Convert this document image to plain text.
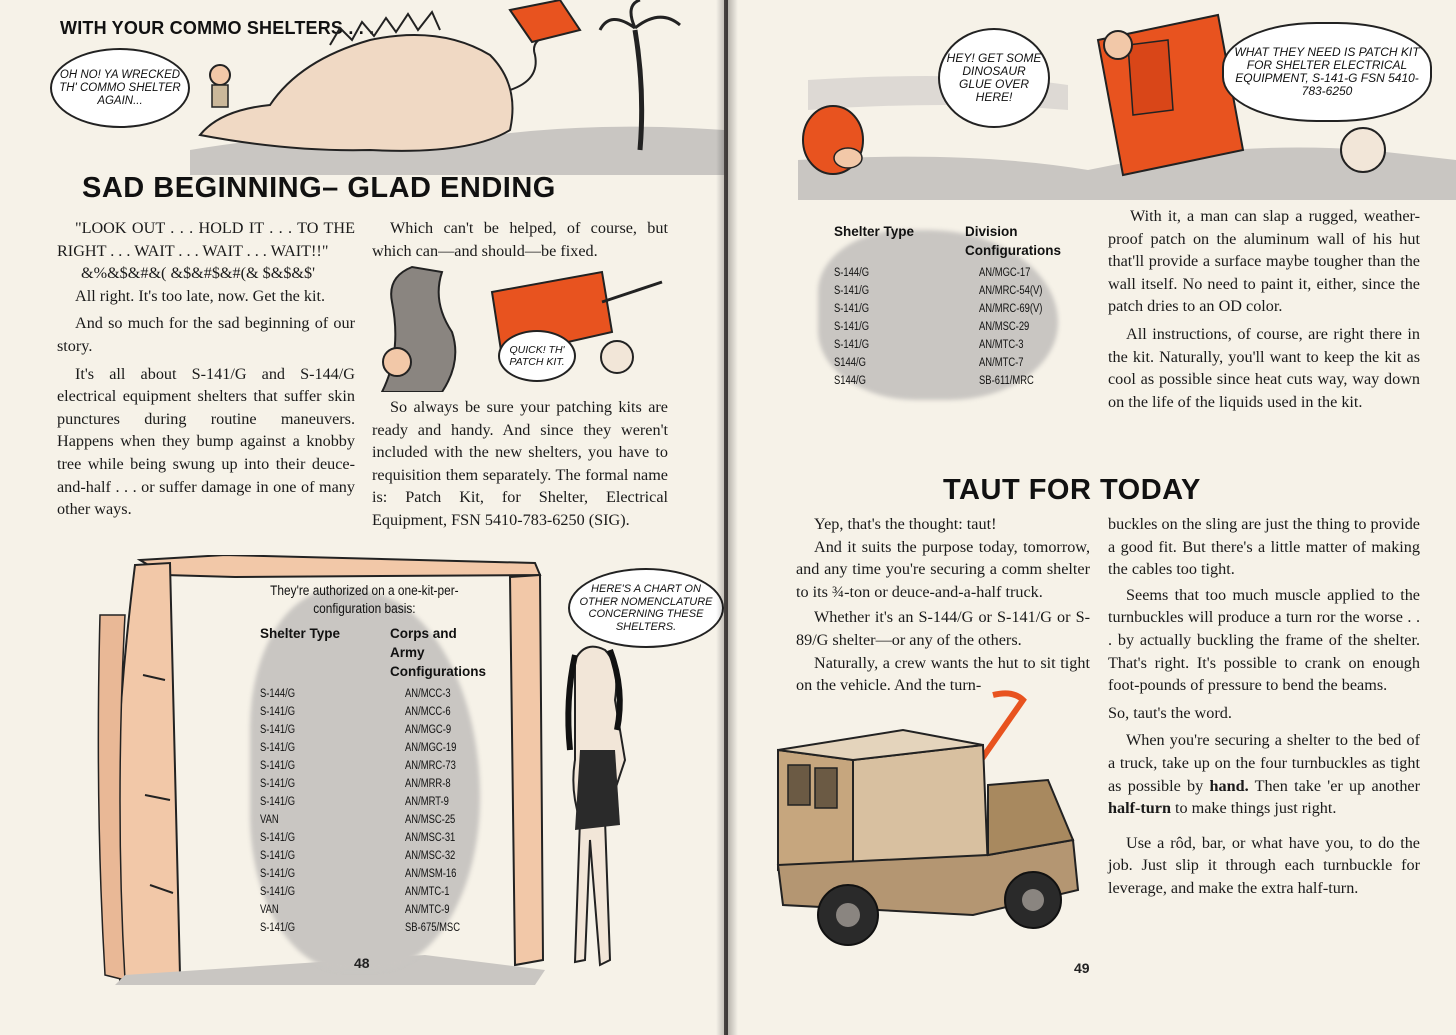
WITH YOUR COMMO SHELTERS . . .
OH NO! YA WRECKED TH' COMMO SHELTER AGAIN...
SAD BEGINNING– GLAD ENDING

"LOOK OUT . . . HOLD IT . . . TO THE RIGHT . . . WAIT . . . WAIT . . . WAIT!!"

&%&$&#&( &$&#$&#(& $&$&$'

All right. It's too late, now. Get the kit.

And so much for the sad beginning of our story.

It's all about S-141/G and S-144/G electrical equipment shelters that suffer skin punctures during routine maneuvers. Happens when they bump against a knobby tree while being swung up into their deuce-and-half . . . or suffer damage in one of many other ways.

Which can't be helped, of course, but which can—and should—be fixed.

QUICK! TH' PATCH KIT.

So always be sure your patching kits are ready and handy. And since they weren't included with the new shelters, you have to requisition them separately. The formal name is: Patch Kit, for Shelter, Electrical Equipment, FSN 5410-783-6250 (SIG).

They're authorized on a one-kit-per-configuration basis:
Shelter Type	Corps and Army Configurations
S-144/G	AN/MCC-3
S-141/G	AN/MCC-6
S-141/G	AN/MGC-9
S-141/G	AN/MGC-19
S-141/G	AN/MRC-73
S-141/G	AN/MRR-8
S-141/G	AN/MRT-9
VAN	AN/MSC-25
S-141/G	AN/MSC-31
S-141/G	AN/MSC-32
S-141/G	AN/MSM-16
S-141/G	AN/MTC-1
VAN	AN/MTC-9
S-141/G	SB-675/MSC
HERE'S A CHART ON OTHER NOMENCLATURE CONCERNING THESE SHELTERS.
48
HEY! GET SOME DINOSAUR GLUE OVER HERE!
WHAT THEY NEED IS PATCH KIT FOR SHELTER ELECTRICAL EQUIPMENT, S-141-G FSN 5410-783-6250
Shelter Type	Division Configurations
S-144/G	AN/MGC-17
S-141/G	AN/MRC-54(V)
S-141/G	AN/MRC-69(V)
S-141/G	AN/MSC-29
S-141/G	AN/MTC-3
S144/G	AN/MTC-7
S144/G	SB-611/MRC

With it, a man can slap a rugged, weather-proof patch on the aluminum wall of his hut that'll provide a surface maybe tougher than the wall itself. No need to paint it, either, since the patch dries to an OD color.

All instructions, of course, are right there in the kit. Naturally, you'll want to keep the kit as cool as possible since heat cuts way, way down on the life of the liquids used in the kit.

TAUT FOR TODAY

Yep, that's the thought: taut!

And it suits the purpose today, tomorrow, and any time you're securing a comm shelter to its ¾-ton or deuce-and-a-half truck.

Whether it's an S-144/G or S-141/G or S-89/G shelter—or any of the others.

Naturally, a crew wants the hut to sit tight on the vehicle. And the turn-

buckles on the sling are just the thing to provide a good fit. But there's a little matter of making the cables too tight.

Seems that too much muscle applied to the turnbuckles will produce a turn ror the worse . . . by actually buckling the frame of the shelter. That's right. It's possible to crank on enough foot-pounds of pressure to bend the beams.

So, taut's the word.

When you're securing a shelter to the bed of a truck, take up on the four turnbuckles as tight as possible by hand. Then take 'er up another half-turn to make things just right.

Use a rôd, bar, or what have you, to do the job. Just slip it through each turnbuckle for leverage, and make the extra half-turn.

49
